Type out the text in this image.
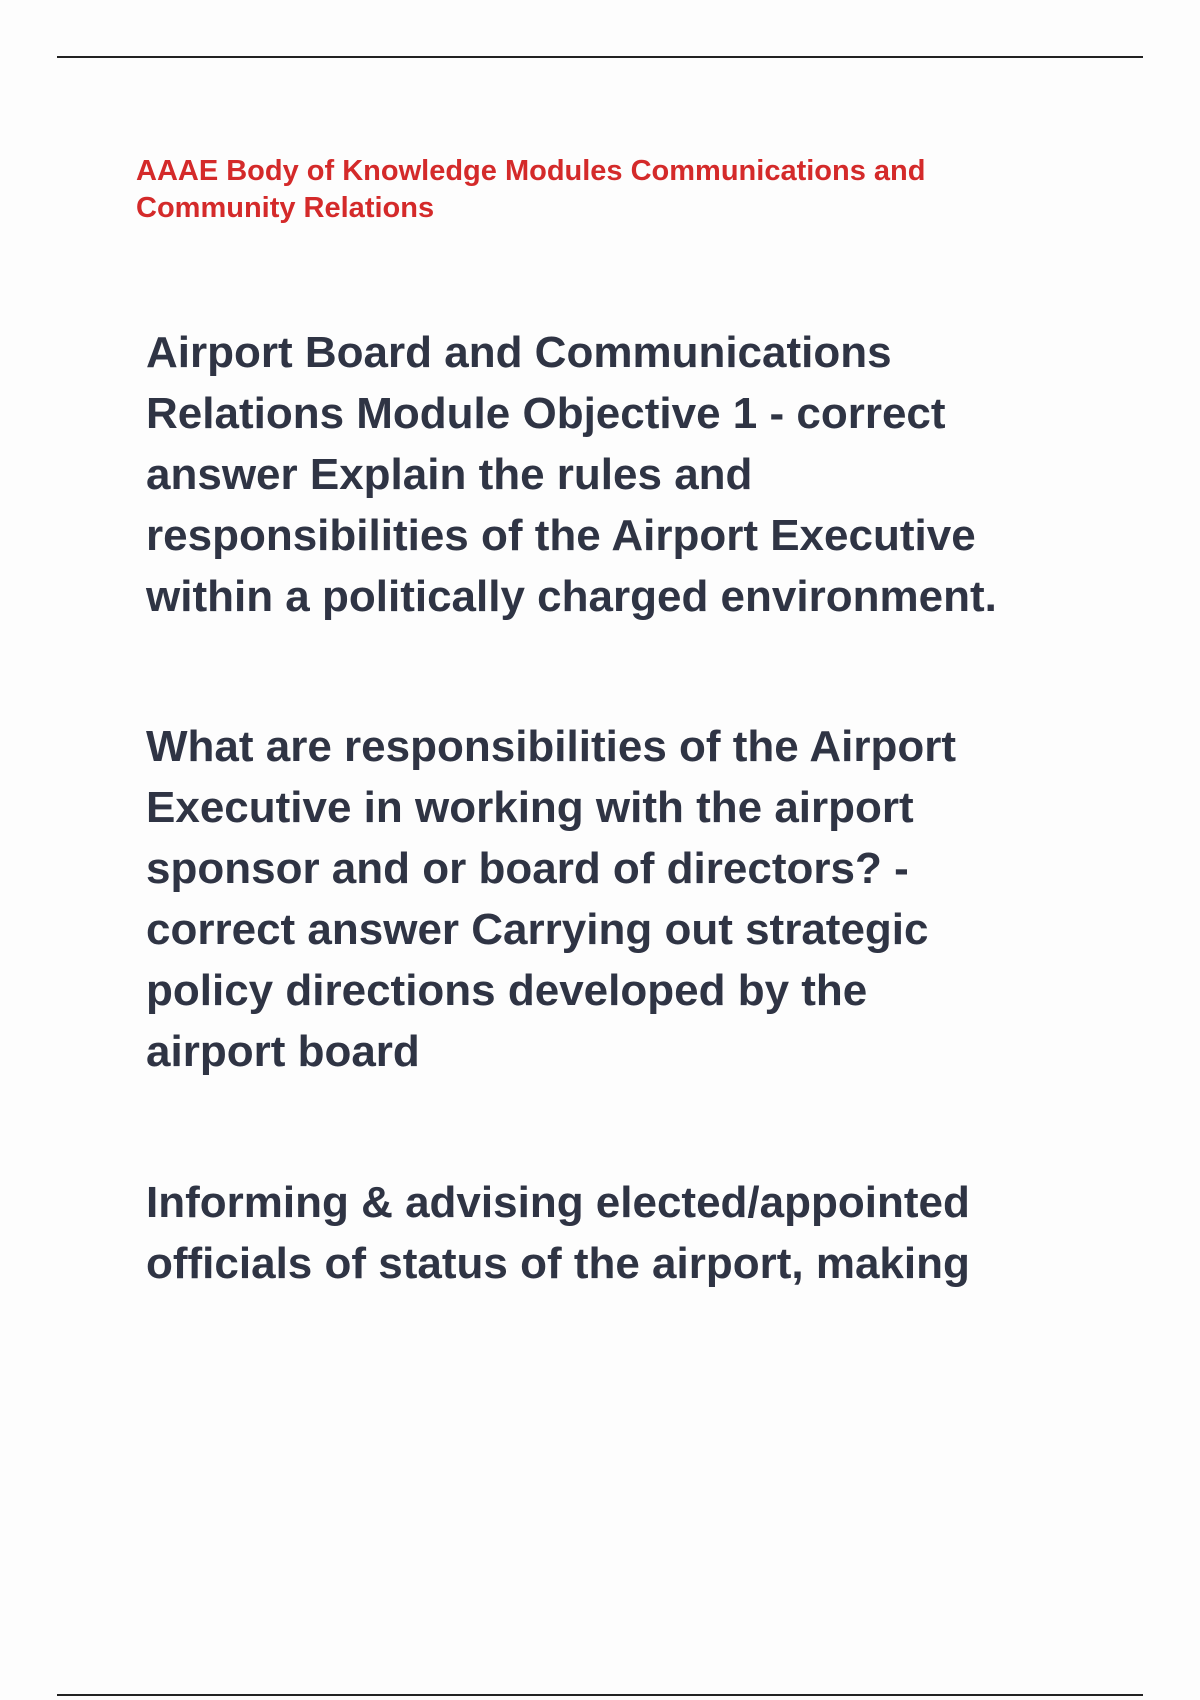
AAAE Body of Knowledge Modules Communications and
Community Relations
Airport Board and Communications
Relations Module Objective 1 - correct
answer Explain the rules and
responsibilities of the Airport Executive
within a politically charged environment.
What are responsibilities of the Airport
Executive in working with the airport
sponsor and or board of directors? -
correct answer Carrying out strategic
policy directions developed by the
airport board
Informing & advising elected/appointed
officials of status of the airport, making
